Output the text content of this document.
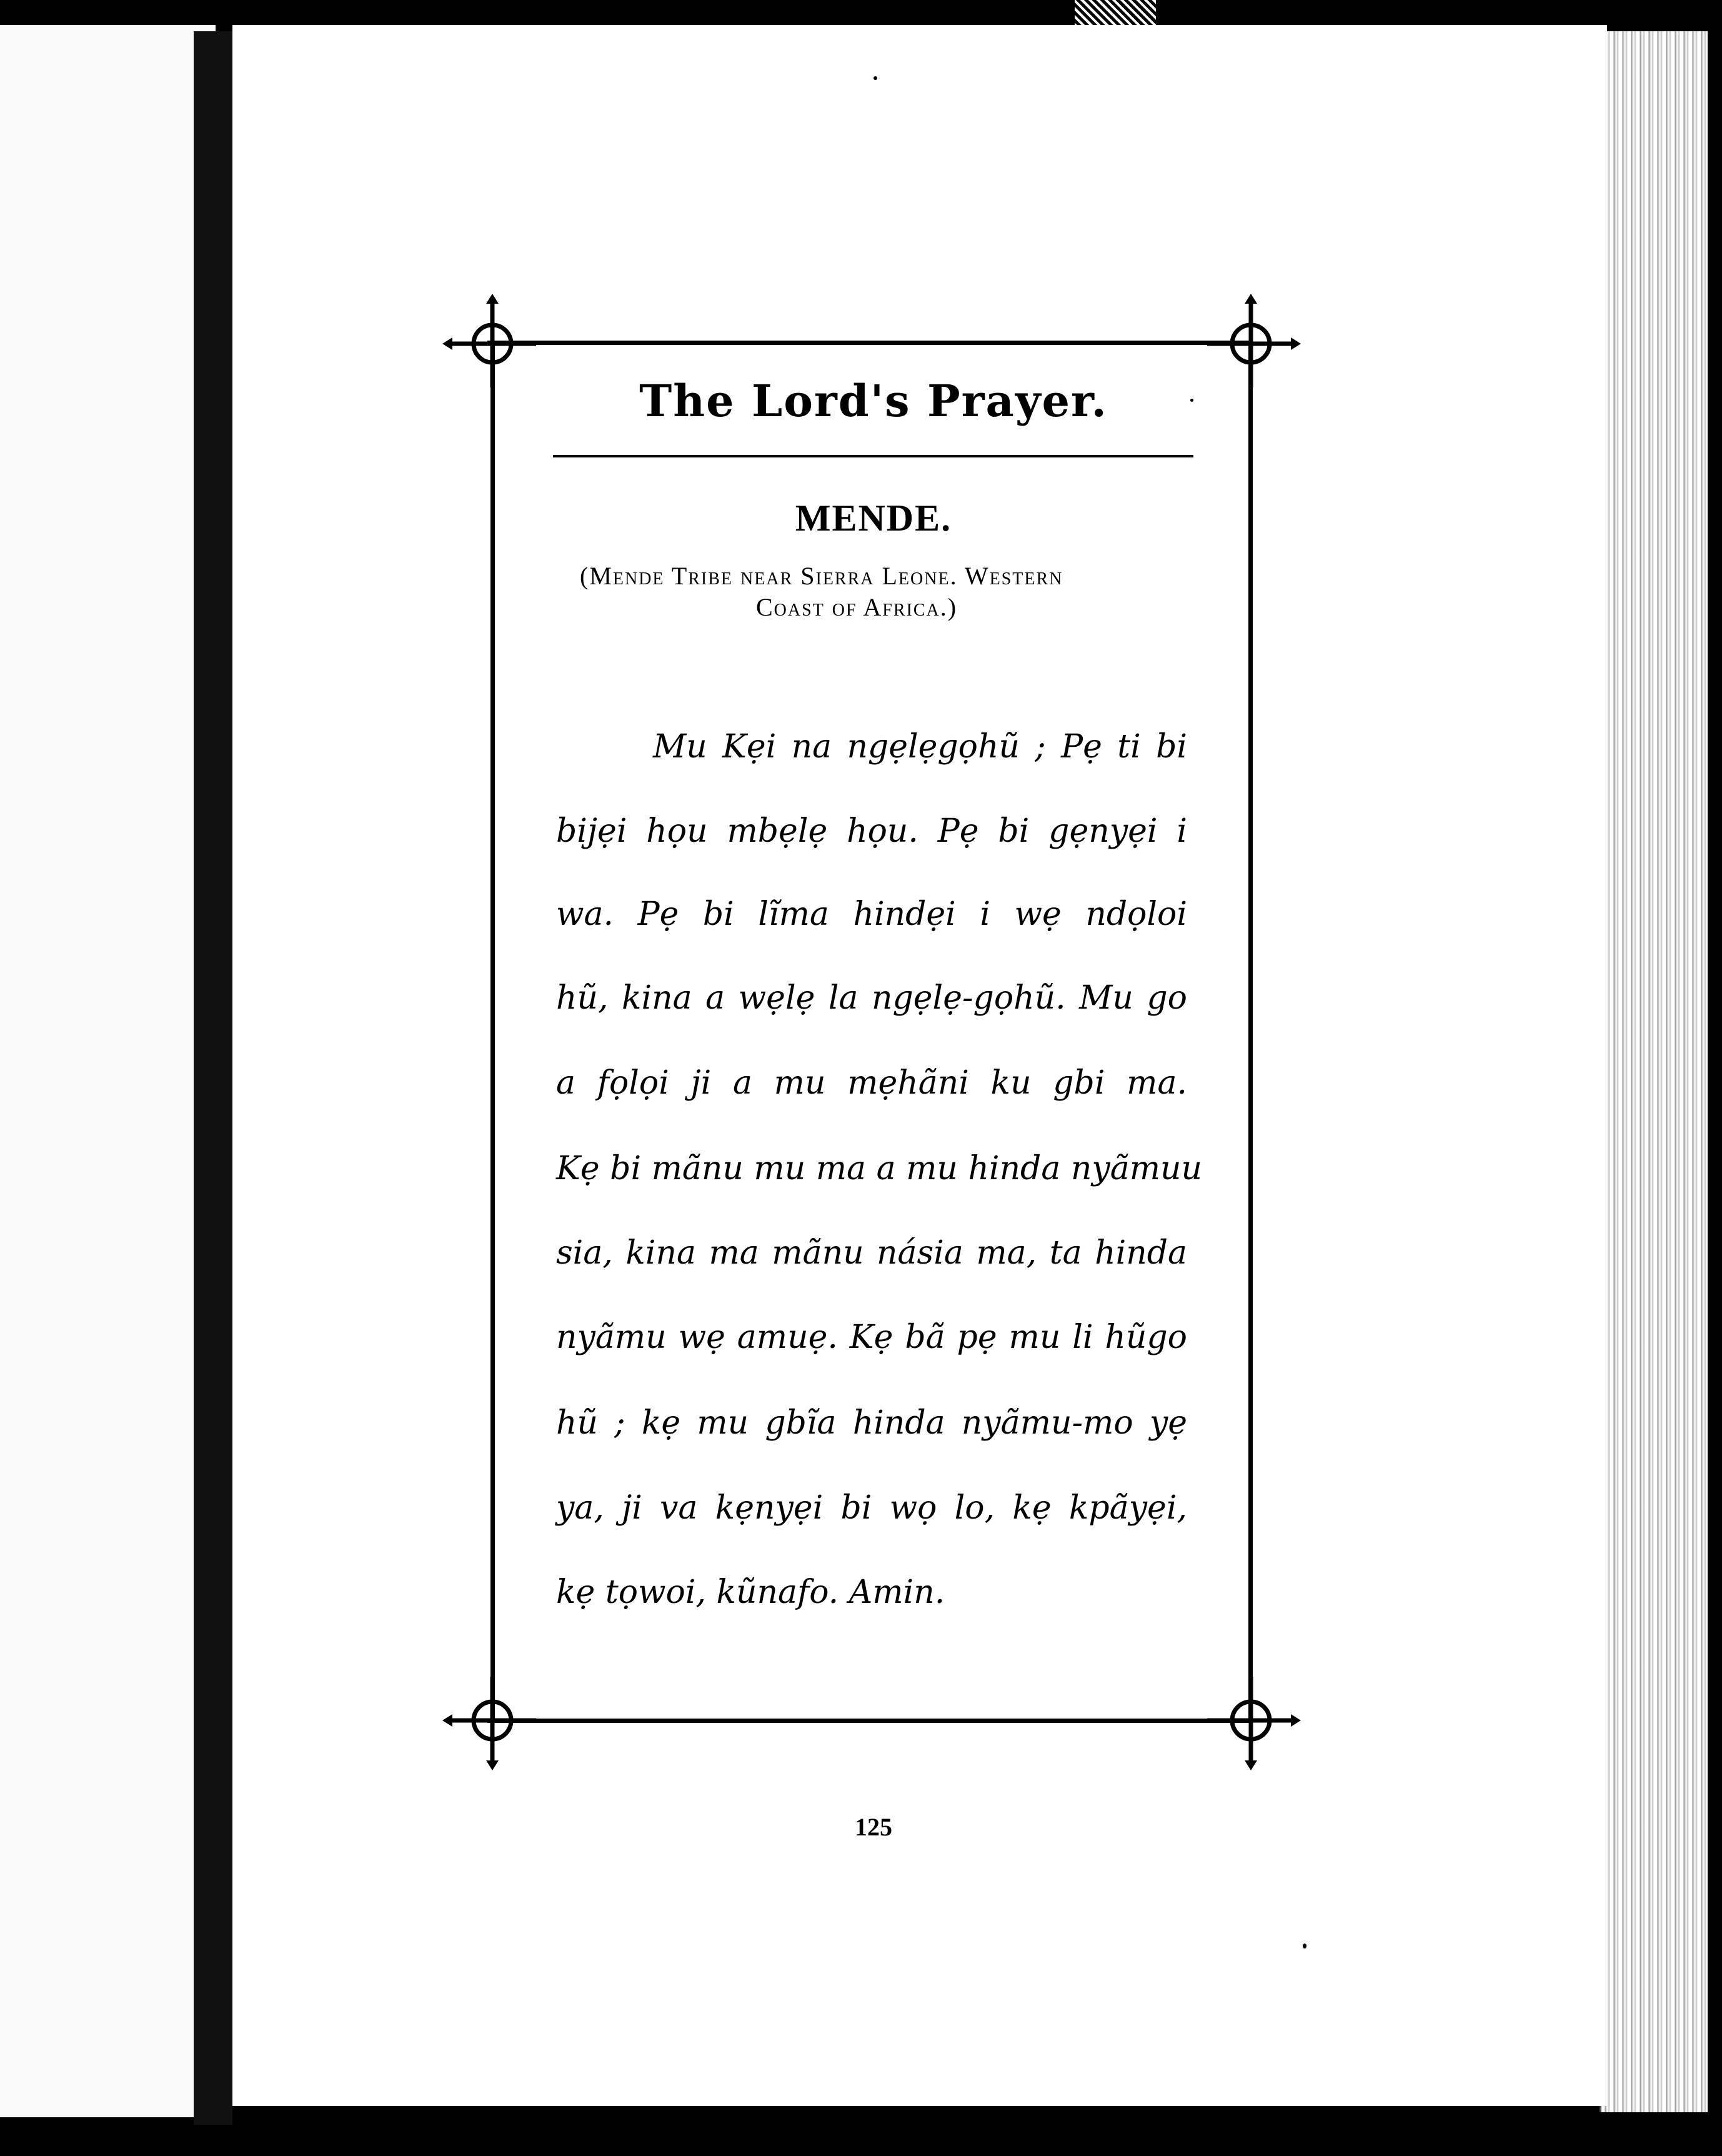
The Lord's Prayer.
MENDE.
(Mende Tribe near Sierra Leone. Western
Coast of Africa.)
Mu Kẹi na ngẹlẹgọhũ ; Pẹ ti bi
bijẹi họu mbẹlẹ họu. Pẹ bi gẹnyẹi i
wa. Pẹ bi lĩma hindẹi i wẹ ndọloi
hũ, kina a wẹlẹ la ngẹlẹ-gọhũ. Mu go
a fọlọi ji a mu mẹhãni ku gbi ma.
Kẹ bi mãnu mu ma a mu hinda nyãmuu
sia, kina ma mãnu násia ma, ta hinda
nyãmu wẹ amuẹ. Kẹ bã pẹ mu li hũgo
hũ ; kẹ mu gbĩa hinda nyãmu-mo yẹ
ya, ji va kẹnyẹi bi wọ lo, kẹ kpãyẹi,
kẹ tọwoi, kũnafo. Amin.
125
